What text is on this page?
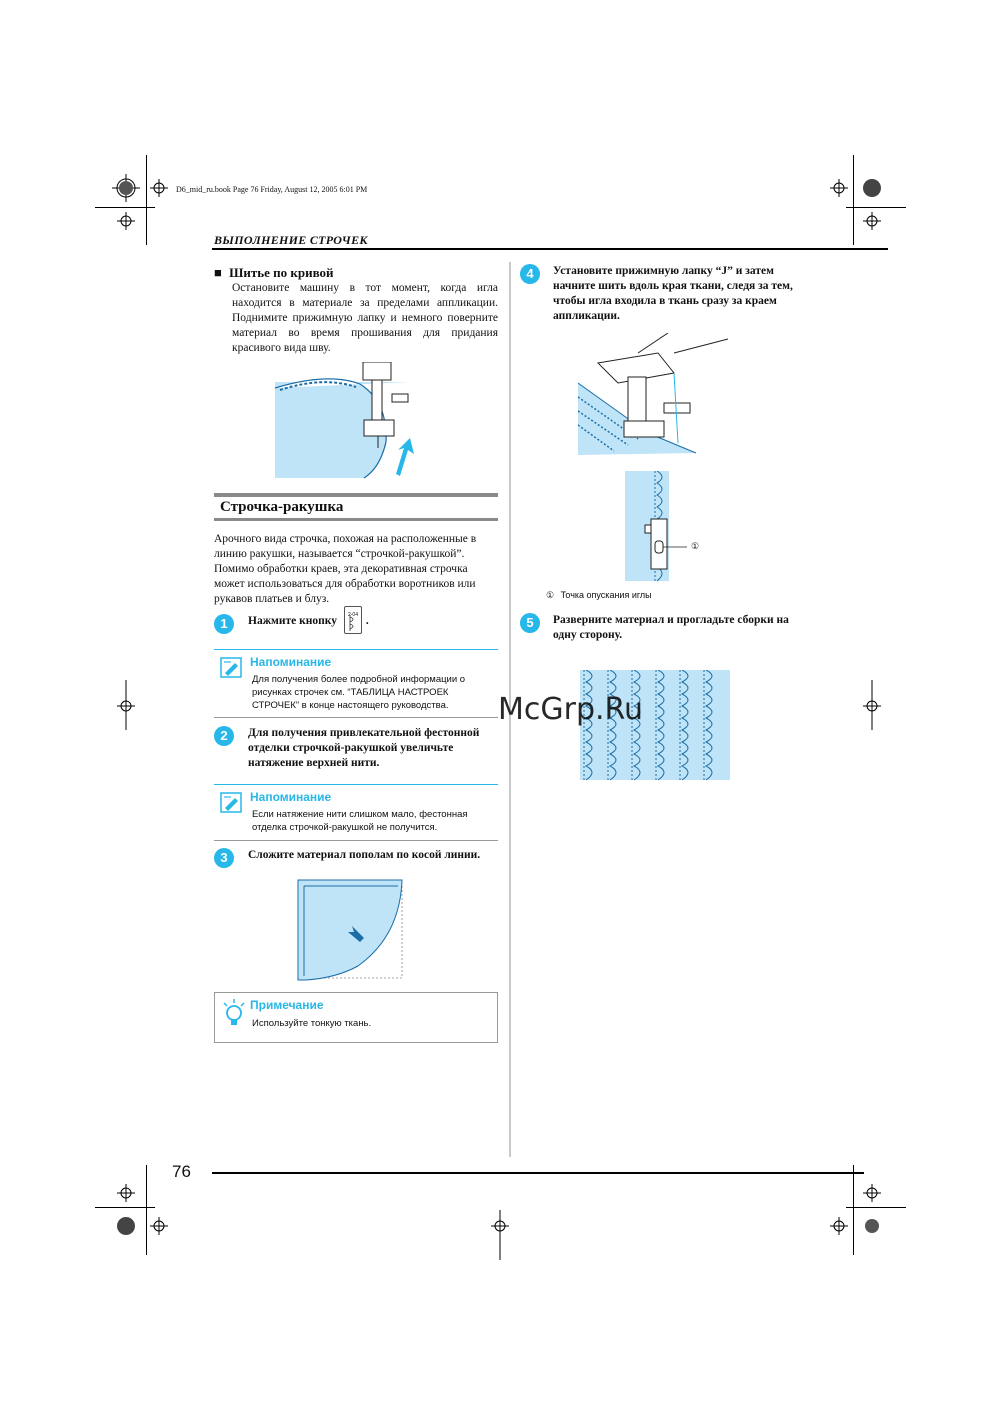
D6_mid_ru.book Page 76 Friday, August 12, 2005 6:01 PM
ВЫПОЛНЕНИЕ СТРОЧЕК
■ Шитье по кривой
Остановите машину в тот момент, когда игла находится в материале за пределами аппликации. Поднимите прижимную лапку и немного поверните материал во время прошивания для придания красивого вида шву.
Строчка-ракушка
Арочного вида строчка, похожая на расположенные в линию ракушки, называется “строчкой-ракушкой”. Помимо обработки краев, эта декоративная строчка может использоваться для обработки воротников или рукавов платьев и блуз.
1	Нажмите кнопку	2-04 .
Напоминание
Для получения более подробной информации о рисунках строчек см. “ТАБЛИЦА НАСТРОЕК СТРОЧЕК” в конце настоящего руководства.
2	Для получения привлекательной фестонной отделки строчкой-ракушкой увеличьте натяжение верхней нити.
Напоминание
Если натяжение нити слишком мало, фестонная отделка строчкой-ракушкой не получится.
3	Сложите материал пополам по косой линии.
Примечание
Используйте тонкую ткань.
4	Установите прижимную лапку “J” и затем начните шить вдоль края ткани, следя за тем, чтобы игла входила в ткань сразу за краем аппликации.
①
① Точка опускания иглы
5	Разверните материал и прогладьте сборки на одну сторону.
McGrp.Ru
76
